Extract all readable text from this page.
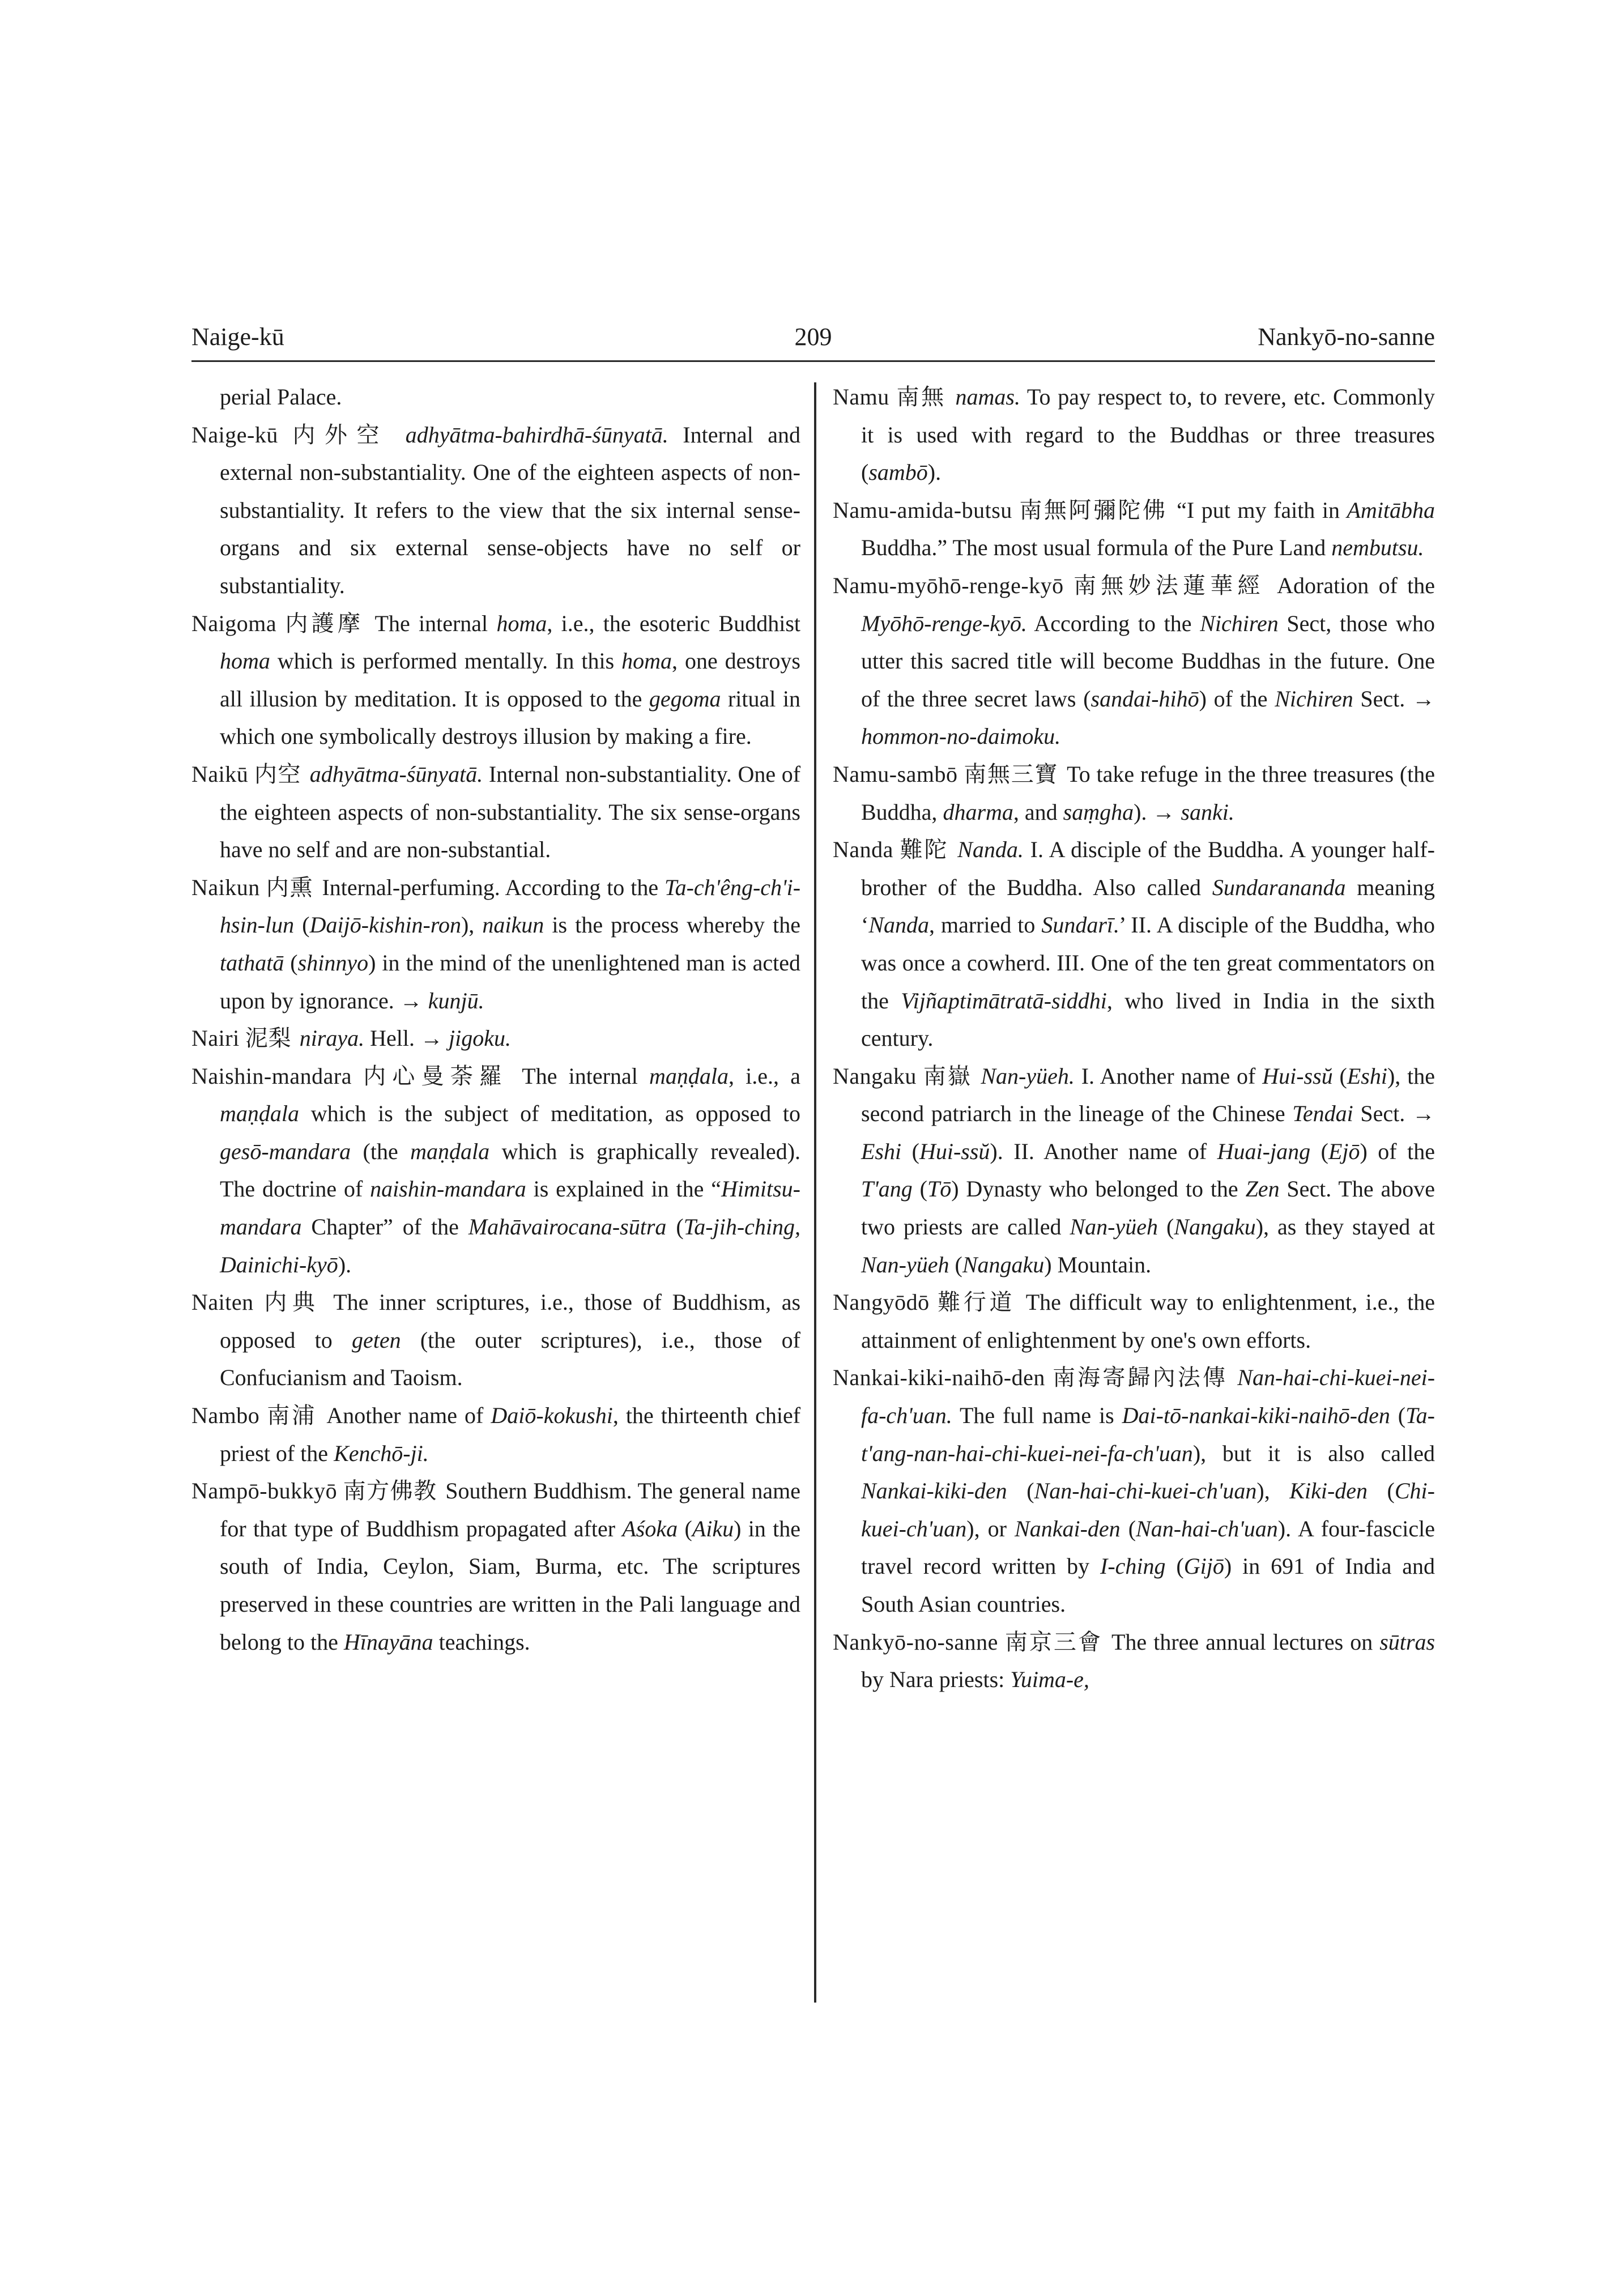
Naige-kū	209	Nankyō-no-sanne

perial Palace.

Naige-kū 内外空 adhyātma-bahirdhā-śūnyatā. Internal and external non-substantiality. One of the eighteen aspects of non-substantiality. It refers to the view that the six internal sense-organs and six external sense-objects have no self or substantiality.

Naigoma 内護摩 The internal homa, i.e., the esoteric Buddhist homa which is performed mentally. In this homa, one destroys all illusion by meditation. It is opposed to the gegoma ritual in which one symbolically destroys illusion by making a fire.

Naikū 内空 adhyātma-śūnyatā. Internal non-substantiality. One of the eighteen aspects of non-substantiality. The six sense-organs have no self and are non-substantial.

Naikun 内熏 Internal-perfuming. According to the Ta-ch'êng-ch'i-hsin-lun (Daijō-kishin-ron), naikun is the process whereby the tathatā (shinnyo) in the mind of the unenlightened man is acted upon by ignorance. → kunjū.

Nairi 泥梨 niraya. Hell. → jigoku.

Naishin-mandara 内心曼荼羅 The internal maṇḍala, i.e., a maṇḍala which is the subject of meditation, as opposed to gesō-mandara (the maṇḍala which is graphically revealed). The doctrine of naishin-mandara is explained in the “Himitsu-mandara Chapter” of the Mahāvairocana-sūtra (Ta-jih-ching, Dainichi-kyō).

Naiten 内典 The inner scriptures, i.e., those of Buddhism, as opposed to geten (the outer scriptures), i.e., those of Confucianism and Taoism.

Nambo 南浦 Another name of Daiō-kokushi, the thirteenth chief priest of the Kenchō-ji.

Nampō-bukkyō 南方佛教 Southern Buddhism. The general name for that type of Buddhism propagated after Aśoka (Aiku) in the south of India, Ceylon, Siam, Burma, etc. The scriptures preserved in these countries are written in the Pali language and belong to the Hīnayāna teachings.

Namu 南無 namas. To pay respect to, to revere, etc. Commonly it is used with regard to the Buddhas or three treasures (sambō).

Namu-amida-butsu 南無阿彌陀佛 “I put my faith in Amitābha Buddha.” The most usual formula of the Pure Land nembutsu.

Namu-myōhō-renge-kyō 南無妙法蓮華經 Adoration of the Myōhō-renge-kyō. According to the Nichiren Sect, those who utter this sacred title will become Buddhas in the future. One of the three secret laws (sandai-hihō) of the Nichiren Sect. → hommon-no-daimoku.

Namu-sambō 南無三寶 To take refuge in the three treasures (the Buddha, dharma, and saṃgha). → sanki.

Nanda 難陀 Nanda. I. A disciple of the Buddha. A younger half-brother of the Buddha. Also called Sundarananda meaning ‘Nanda, married to Sundarī.’ II. A disciple of the Buddha, who was once a cowherd. III. One of the ten great commentators on the Vijñaptimātratā-siddhi, who lived in India in the sixth century.

Nangaku 南嶽 Nan-yüeh. I. Another name of Hui-ssŭ (Eshi), the second patriarch in the lineage of the Chinese Tendai Sect. → Eshi (Hui-ssŭ). II. Another name of Huai-jang (Ejō) of the T'ang (Tō) Dynasty who belonged to the Zen Sect. The above two priests are called Nan-yüeh (Nangaku), as they stayed at Nan-yüeh (Nangaku) Mountain.

Nangyōdō 難行道 The difficult way to enlightenment, i.e., the attainment of enlightenment by one's own efforts.

Nankai-kiki-naihō-den 南海寄歸內法傳 Nan-hai-chi-kuei-nei-fa-ch'uan. The full name is Dai-tō-nankai-kiki-naihō-den (Ta-t'ang-nan-hai-chi-kuei-nei-fa-ch'uan), but it is also called Nankai-kiki-den (Nan-hai-chi-kuei-ch'uan), Kiki-den (Chi-kuei-ch'uan), or Nankai-den (Nan-hai-ch'uan). A four-fascicle travel record written by I-ching (Gijō) in 691 of India and South Asian countries.

Nankyō-no-sanne 南京三會 The three annual lectures on sūtras by Nara priests: Yuima-e,
